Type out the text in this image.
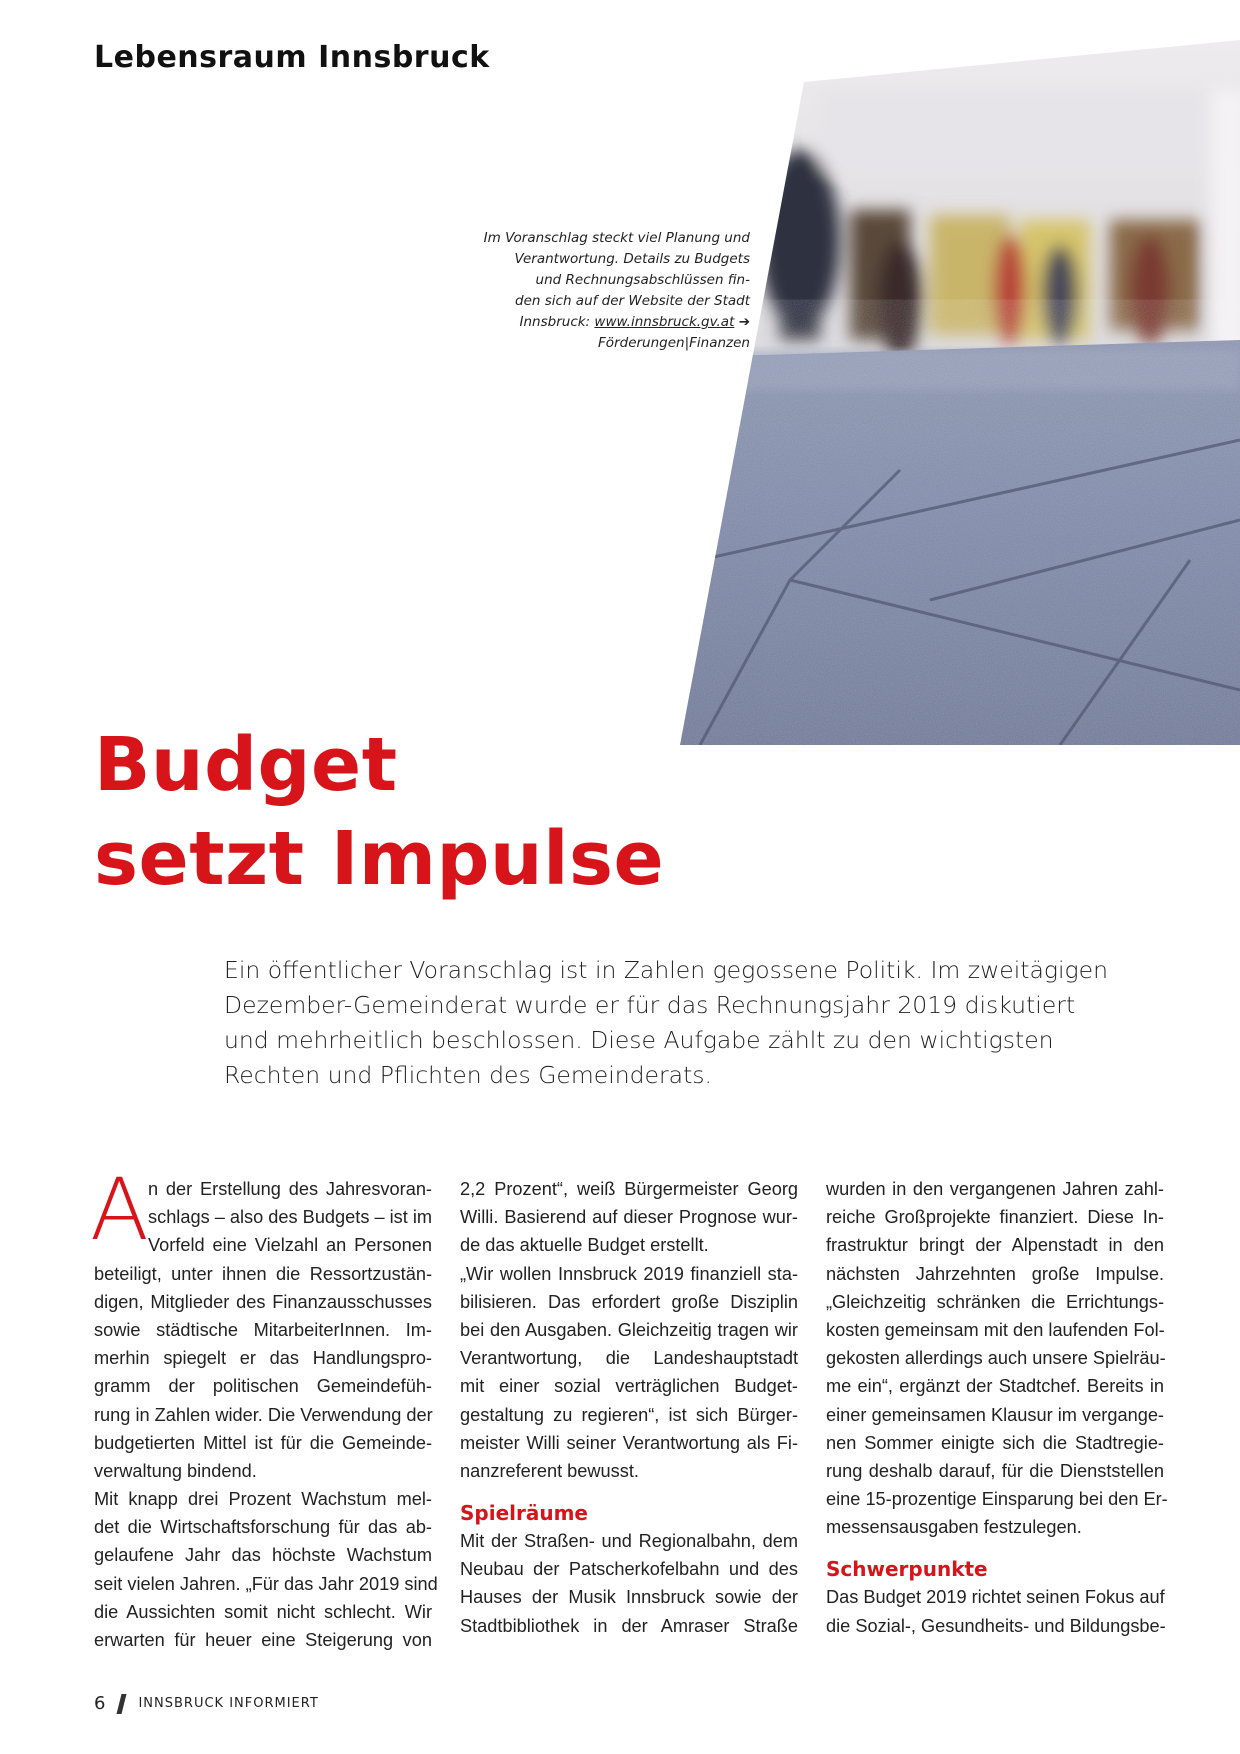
Lebensraum Innsbruck
Im Voranschlag steckt viel Planung und
Verantwortung. Details zu Budgets
und Rechnungsabschlüssen fin-
den sich auf der Website der Stadt
Innsbruck: www.innsbruck.gv.at ➔
Förderungen|Finanzen
Budget
setzt Impulse
Ein öffentlicher Voranschlag ist in Zahlen gegossene Politik. Im zweitägigen
Dezember-Gemeinderat wurde er für das Rechnungsjahr 2019 diskutiert
und mehrheitlich beschlossen. Diese Aufgabe zählt zu den wichtigsten
Rechten und Pflichten des Gemeinderats.
A n der Erstellung des Jahresvoran-
schlags – also des Budgets – ist im
Vorfeld eine Vielzahl an Personen
beteiligt, unter ihnen die Ressortzustän-
digen, Mitglieder des Finanzausschusses
sowie städtische MitarbeiterInnen. Im-
merhin spiegelt er das Handlungspro-
gramm der politischen Gemeindefüh-
rung in Zahlen wider. Die Verwendung der
budgetierten Mittel ist für die Gemeinde-
verwaltung bindend.
Mit knapp drei Prozent Wachstum mel-
det die Wirtschaftsforschung für das ab-
gelaufene Jahr das höchste Wachstum
seit vielen Jahren. „Für das Jahr 2019 sind
die Aussichten somit nicht schlecht. Wir
erwarten für heuer eine Steigerung von
2,2 Prozent“, weiß Bürgermeister Georg
Willi. Basierend auf dieser Prognose wur-
de das aktuelle Budget erstellt.
„Wir wollen Innsbruck 2019 finanziell sta-
bilisieren. Das erfordert große Disziplin
bei den Ausgaben. Gleichzeitig tragen wir
Verantwortung, die Landeshauptstadt
mit einer sozial verträglichen Budget-
gestaltung zu regieren“, ist sich Bürger-
meister Willi seiner Verantwortung als Fi-
nanzreferent bewusst.
Spielräume
Mit der Straßen- und Regionalbahn, dem
Neubau der Patscherkofelbahn und des
Hauses der Musik Innsbruck sowie der
Stadtbibliothek in der Amraser Straße
wurden in den vergangenen Jahren zahl-
reiche Großprojekte finanziert. Diese In-
frastruktur bringt der Alpenstadt in den
nächsten Jahrzehnten große Impulse.
„Gleichzeitig schränken die Errichtungs-
kosten gemeinsam mit den laufenden Fol-
gekosten allerdings auch unsere Spielräu-
me ein“, ergänzt der Stadtchef. Bereits in
einer gemeinsamen Klausur im vergange-
nen Sommer einigte sich die Stadtregie-
rung deshalb darauf, für die Dienststellen
eine 15-prozentige Einsparung bei den Er-
messensausgaben festzulegen.
Schwerpunkte
Das Budget 2019 richtet seinen Fokus auf
die Sozial-, Gesundheits- und Bildungsbe-
6	INNSBRUCK INFORMIERT
